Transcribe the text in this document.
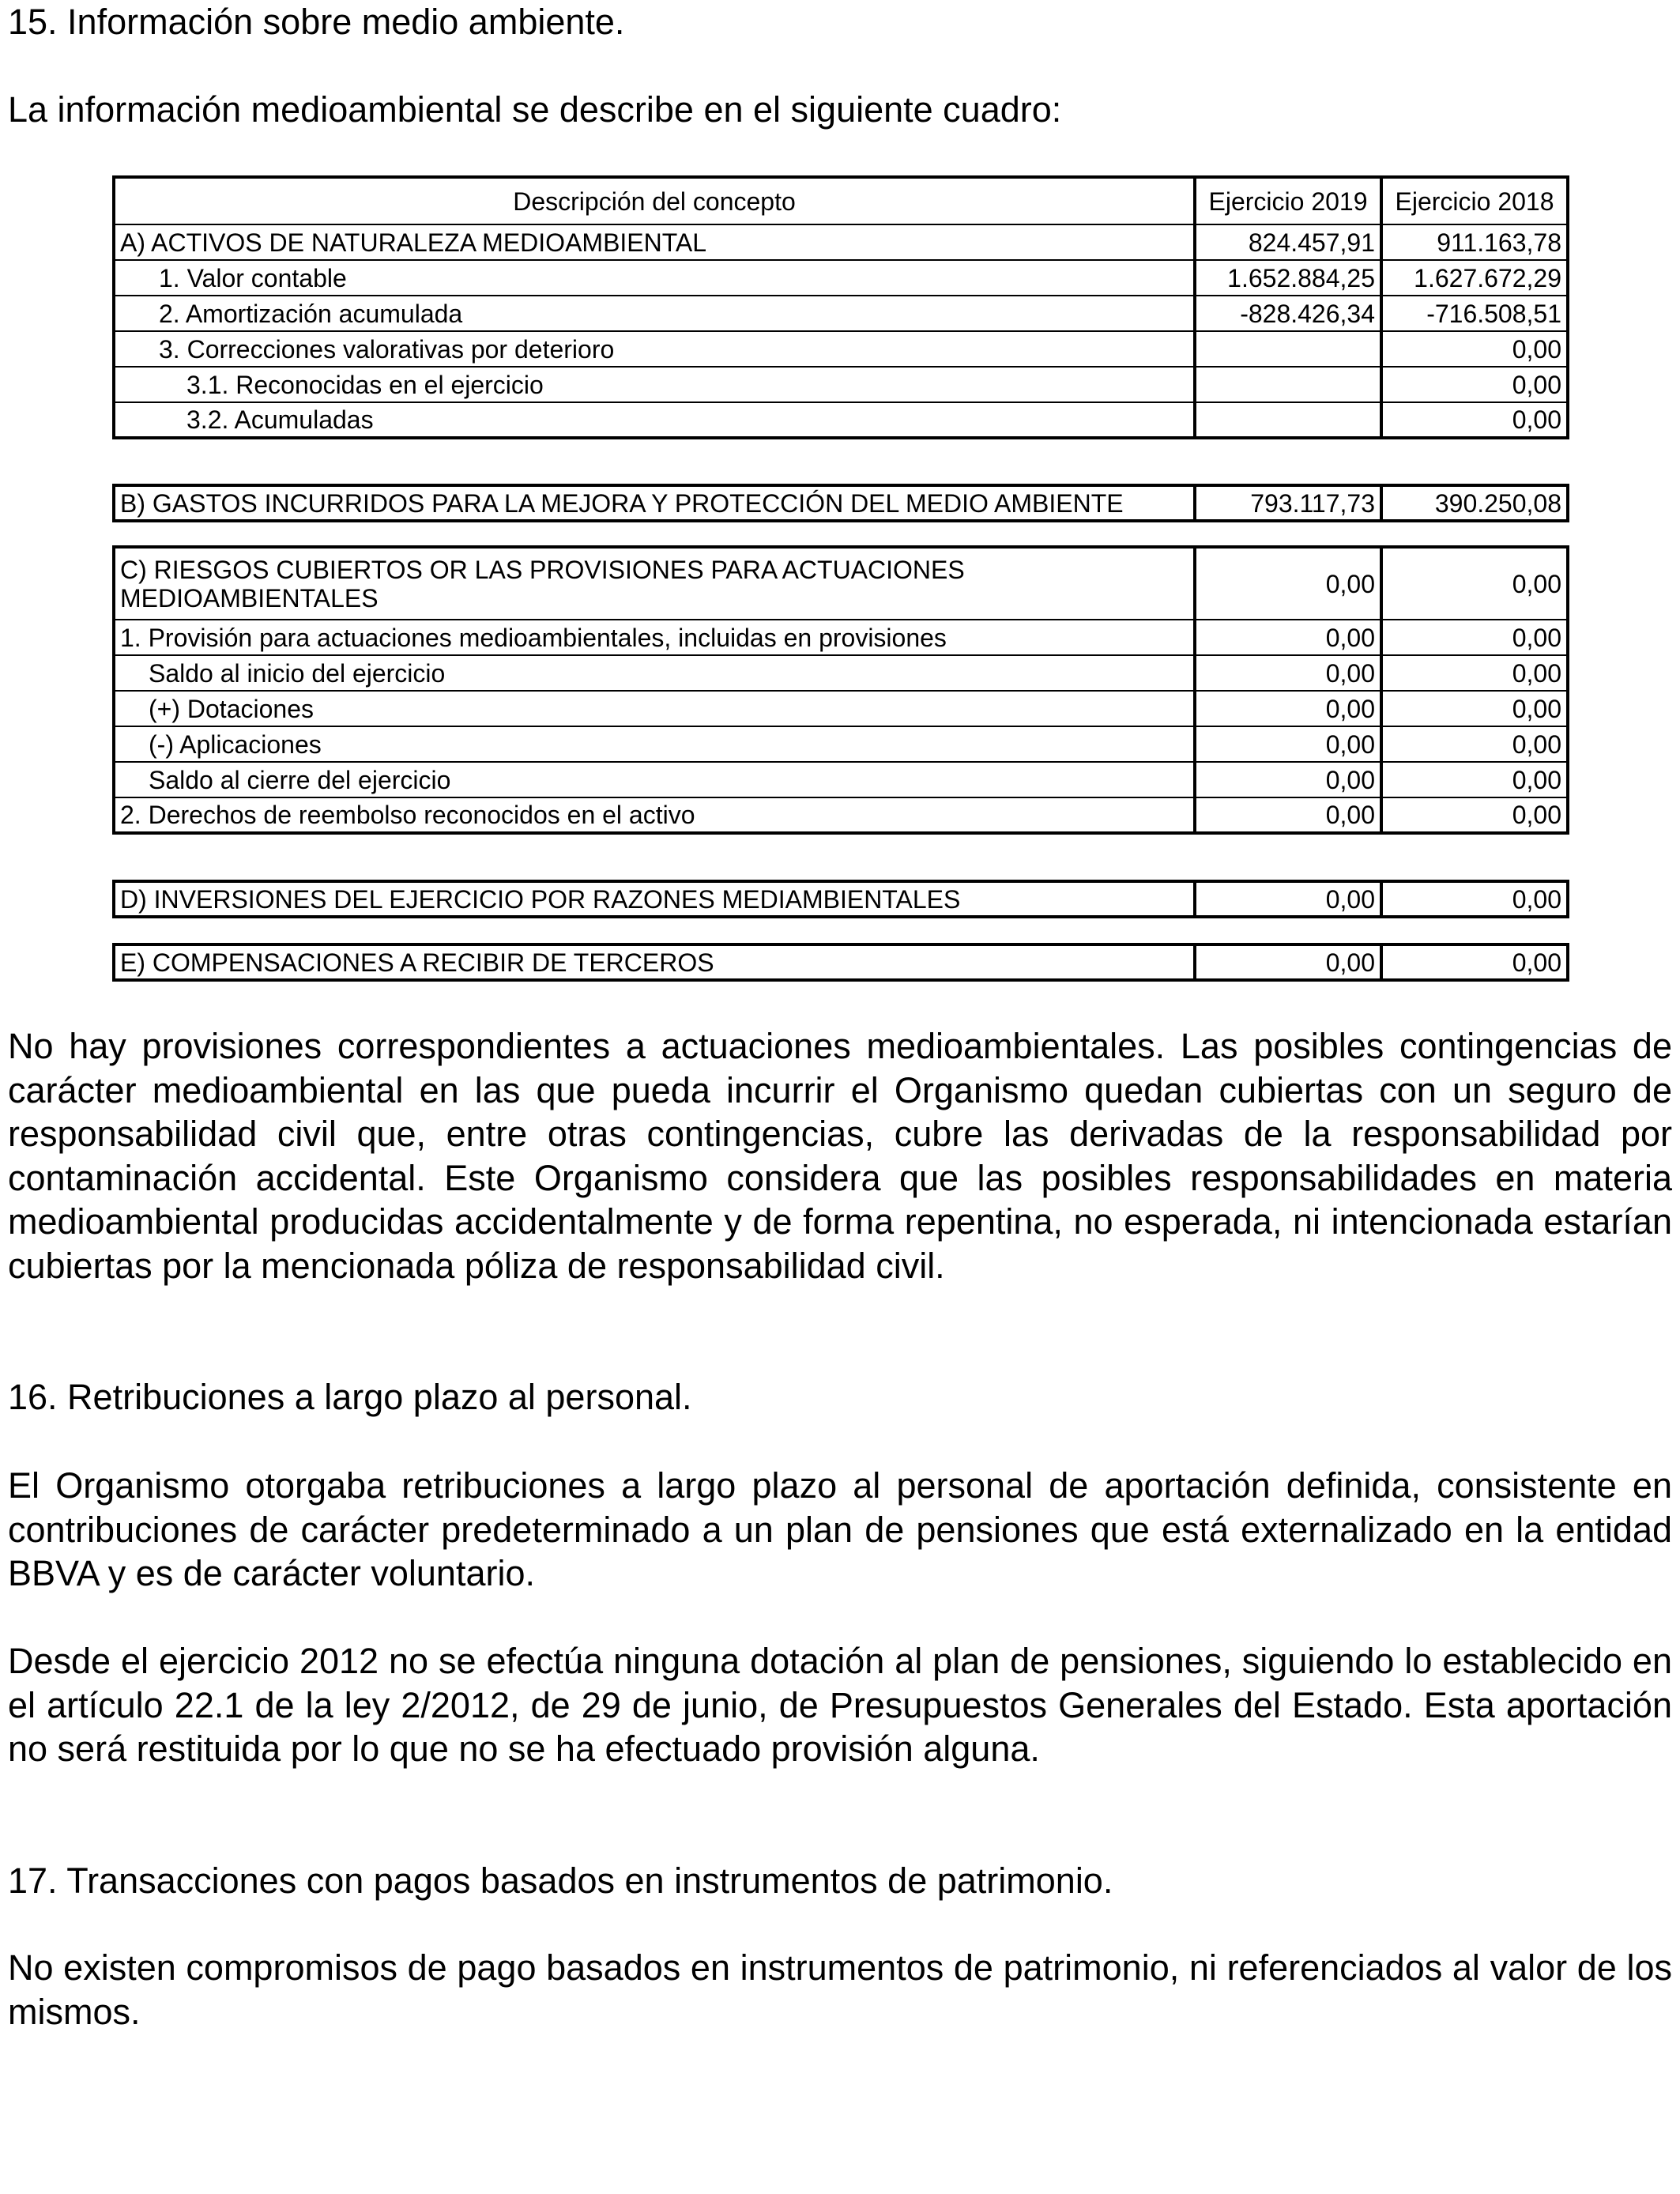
15. Información sobre medio ambiente.

La información medioambiental se describe en el siguiente cuadro:

Descripción del concepto	Ejercicio 2019	Ejercicio 2018
A) ACTIVOS DE NATURALEZA MEDIOAMBIENTAL	824.457,91	911.163,78
1. Valor contable	1.652.884,25	1.627.672,29
2. Amortización acumulada	-828.426,34	-716.508,51
3. Correcciones valorativas por deterioro		0,00
3.1. Reconocidas en el ejercicio		0,00
3.2. Acumuladas		0,00
B) GASTOS INCURRIDOS PARA LA MEJORA Y PROTECCIÓN DEL MEDIO AMBIENTE	793.117,73	390.250,08
C) RIESGOS CUBIERTOS OR LAS PROVISIONES PARA ACTUACIONES MEDIOAMBIENTALES	0,00	0,00
1. Provisión para actuaciones medioambientales, incluidas en provisiones	0,00	0,00
Saldo al inicio del ejercicio	0,00	0,00
(+) Dotaciones	0,00	0,00
(-) Aplicaciones	0,00	0,00
Saldo al cierre del ejercicio	0,00	0,00
2. Derechos de reembolso reconocidos en el activo	0,00	0,00
D) INVERSIONES DEL EJERCICIO POR RAZONES MEDIAMBIENTALES	0,00	0,00
E) COMPENSACIONES A RECIBIR DE TERCEROS	0,00	0,00

No hay provisiones correspondientes a actuaciones medioambientales. Las posibles contingencias de carácter medioambiental en las que pueda incurrir el Organismo quedan cubiertas con un seguro de responsabilidad civil que, entre otras contingencias, cubre las derivadas de la responsabilidad por contaminación accidental. Este Organismo considera que las posibles responsabilidades en materia medioambiental producidas accidentalmente y de forma repentina, no esperada, ni intencionada estarían cubiertas por la mencionada póliza de responsabilidad civil.

16. Retribuciones a largo plazo al personal.

El Organismo otorgaba retribuciones a largo plazo al personal de aportación definida, consistente en contribuciones de carácter predeterminado a un plan de pensiones que está externalizado en la entidad BBVA y es de carácter voluntario.

Desde el ejercicio 2012 no se efectúa ninguna dotación al plan de pensiones, siguiendo lo establecido en el artículo 22.1 de la ley 2/2012, de 29 de junio, de Presupuestos Generales del Estado. Esta aportación no será restituida por lo que no se ha efectuado provisión alguna.

17. Transacciones con pagos basados en instrumentos de patrimonio.

No existen compromisos de pago basados en instrumentos de patrimonio, ni referenciados al valor de los mismos.
